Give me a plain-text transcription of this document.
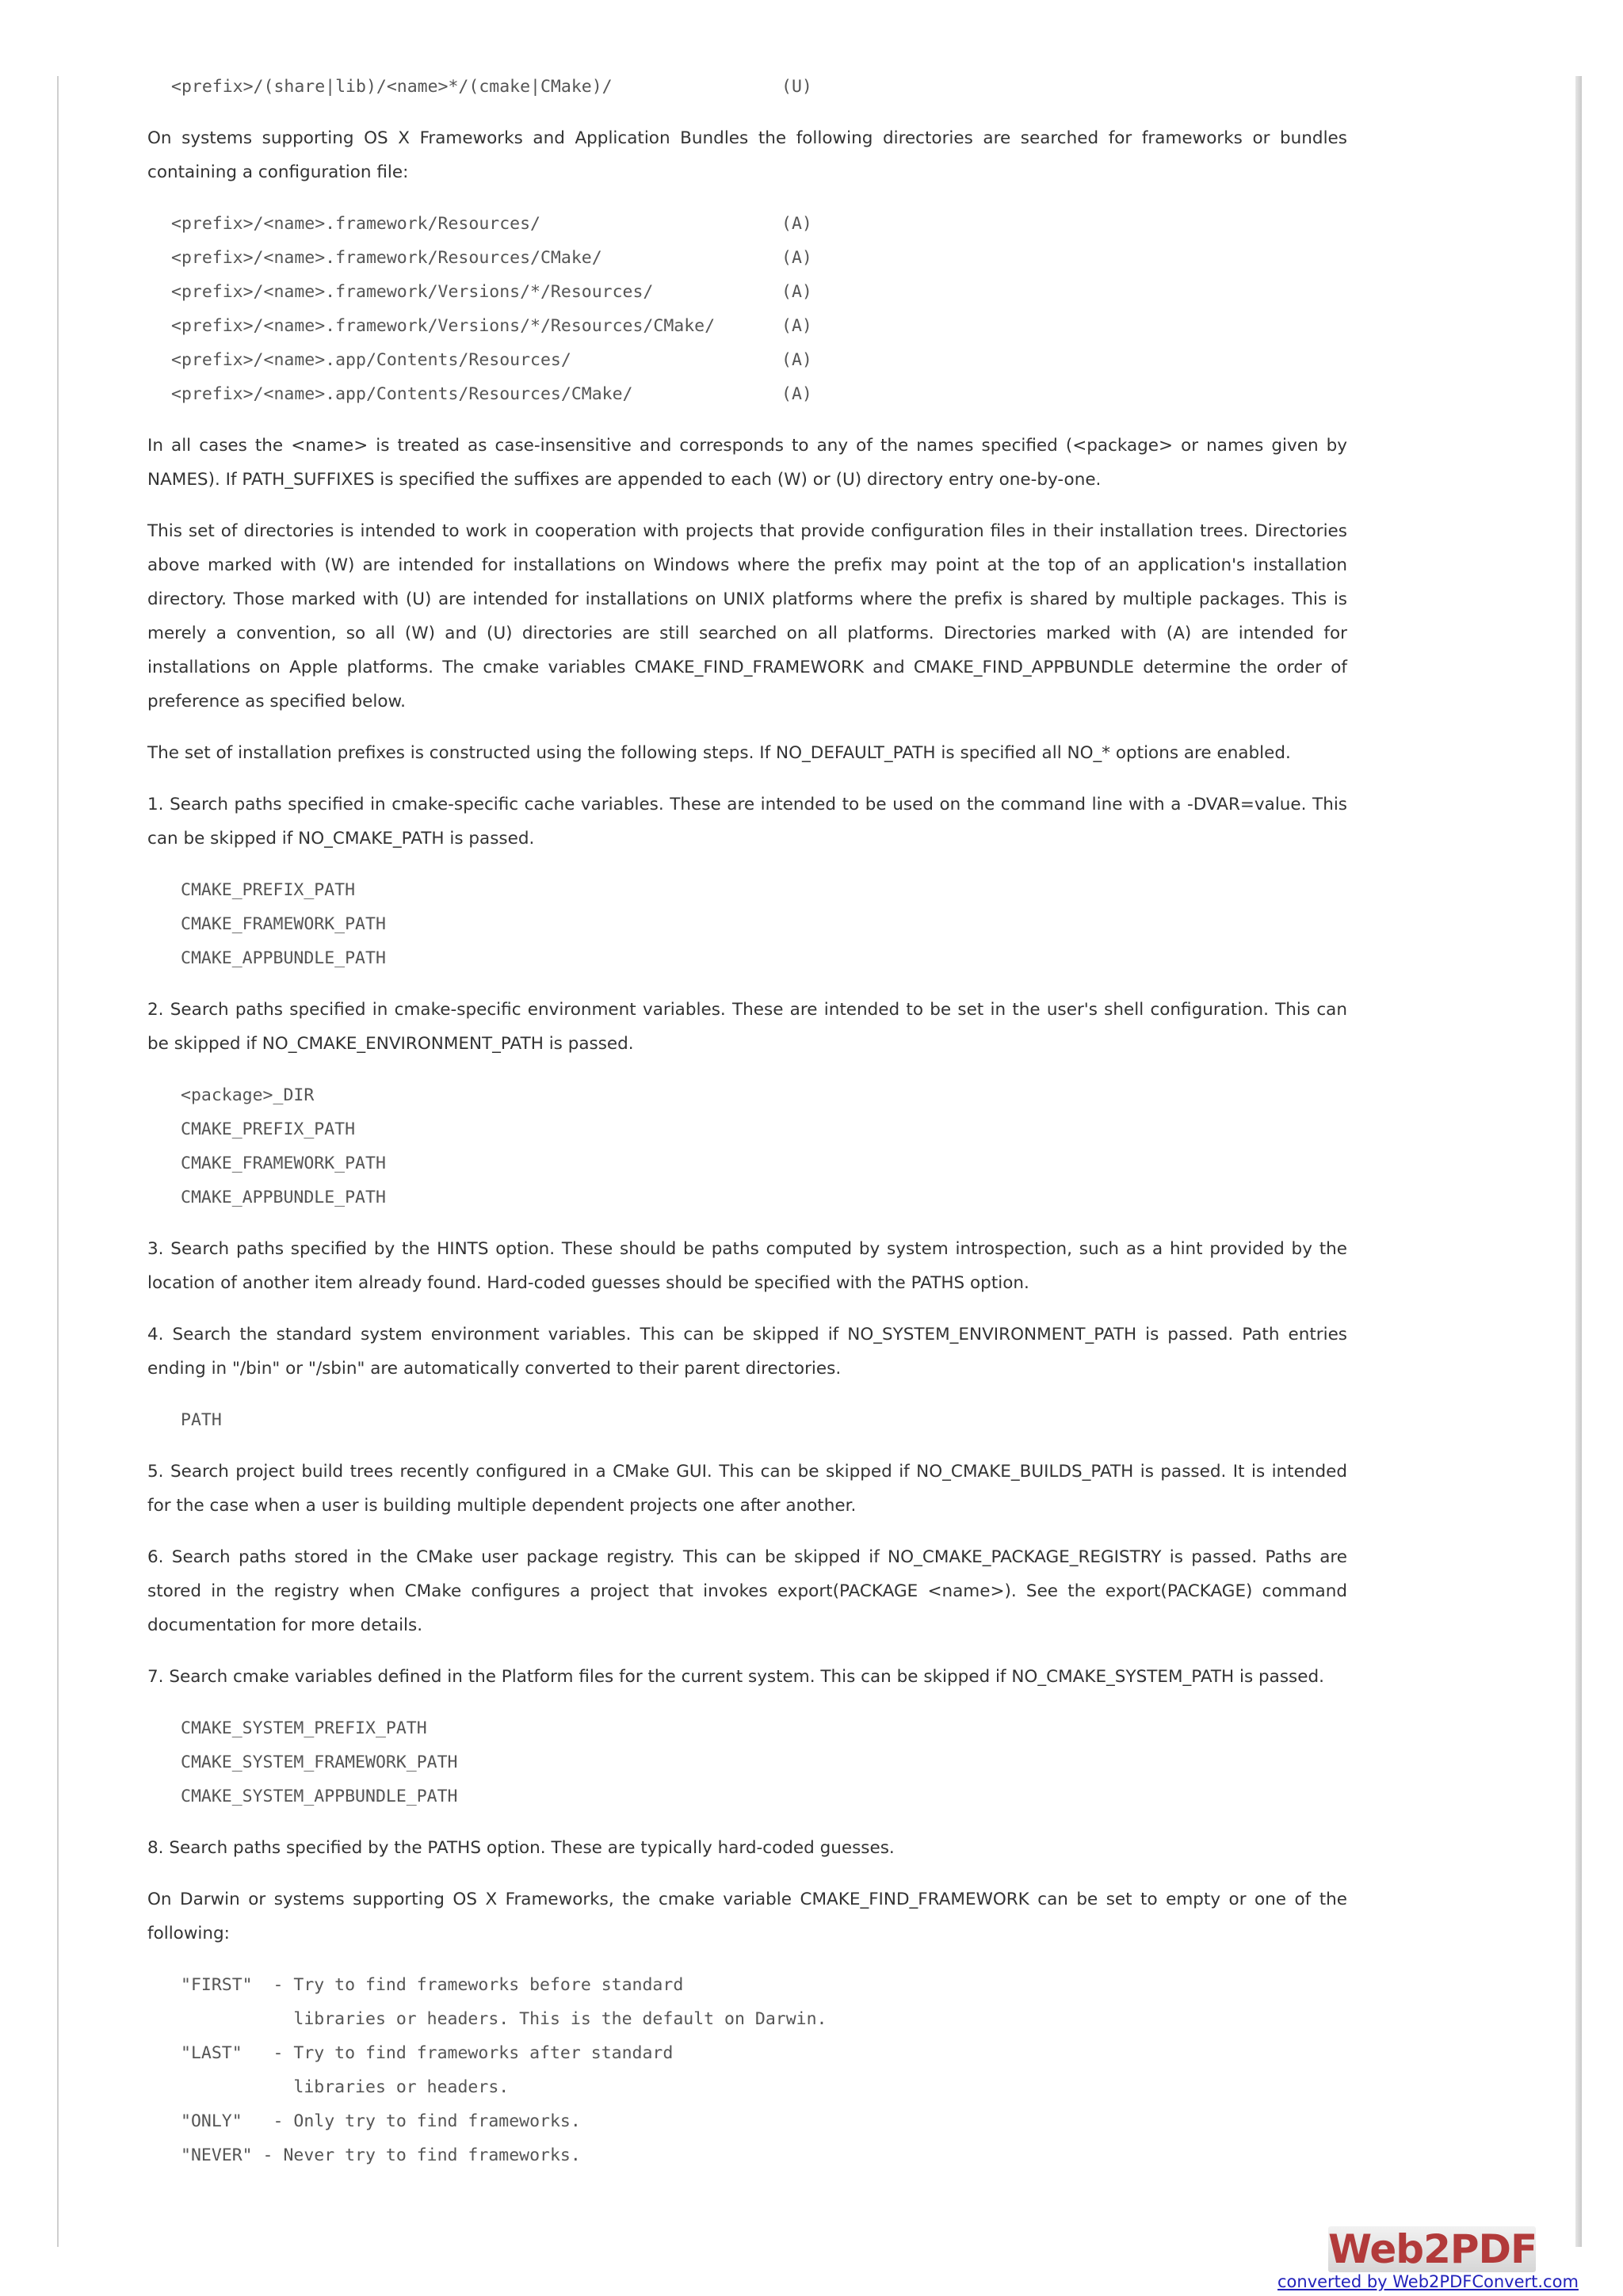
<prefix>/(share|lib)/<name>*/(cmake|CMake)/	(U)

On systems supporting OS X Frameworks and Application Bundles the following directories are searched for frameworks or bundles containing a configuration file:

<prefix>/<name>.framework/Resources/	(A)
<prefix>/<name>.framework/Resources/CMake/	(A)
<prefix>/<name>.framework/Versions/*/Resources/	(A)
<prefix>/<name>.framework/Versions/*/Resources/CMake/	(A)
<prefix>/<name>.app/Contents/Resources/	(A)
<prefix>/<name>.app/Contents/Resources/CMake/	(A)

In all cases the <name> is treated as case-insensitive and corresponds to any of the names specified (<package> or names given by NAMES). If PATH_SUFFIXES is specified the suffixes are appended to each (W) or (U) directory entry one-by-one.

This set of directories is intended to work in cooperation with projects that provide configuration files in their installation trees. Directories above marked with (W) are intended for installations on Windows where the prefix may point at the top of an application's installation directory. Those marked with (U) are intended for installations on UNIX platforms where the prefix is shared by multiple packages. This is merely a convention, so all (W) and (U) directories are still searched on all platforms. Directories marked with (A) are intended for installations on Apple platforms. The cmake variables CMAKE_FIND_FRAMEWORK and CMAKE_FIND_APPBUNDLE determine the order of preference as specified below.

The set of installation prefixes is constructed using the following steps. If NO_DEFAULT_PATH is specified all NO_* options are enabled.

1. Search paths specified in cmake-specific cache variables. These are intended to be used on the command line with a -DVAR=value. This can be skipped if NO_CMAKE_PATH is passed.

CMAKE_PREFIX_PATH
CMAKE_FRAMEWORK_PATH
CMAKE_APPBUNDLE_PATH

2. Search paths specified in cmake-specific environment variables. These are intended to be set in the user's shell configuration. This can be skipped if NO_CMAKE_ENVIRONMENT_PATH is passed.

<package>_DIR
CMAKE_PREFIX_PATH
CMAKE_FRAMEWORK_PATH
CMAKE_APPBUNDLE_PATH

3. Search paths specified by the HINTS option. These should be paths computed by system introspection, such as a hint provided by the location of another item already found. Hard-coded guesses should be specified with the PATHS option.

4. Search the standard system environment variables. This can be skipped if NO_SYSTEM_ENVIRONMENT_PATH is passed. Path entries ending in "/bin" or "/sbin" are automatically converted to their parent directories.

PATH

5. Search project build trees recently configured in a CMake GUI. This can be skipped if NO_CMAKE_BUILDS_PATH is passed. It is intended for the case when a user is building multiple dependent projects one after another.

6. Search paths stored in the CMake user package registry. This can be skipped if NO_CMAKE_PACKAGE_REGISTRY is passed. Paths are stored in the registry when CMake configures a project that invokes export(PACKAGE <name>). See the export(PACKAGE) command documentation for more details.

7. Search cmake variables defined in the Platform files for the current system. This can be skipped if NO_CMAKE_SYSTEM_PATH is passed.

CMAKE_SYSTEM_PREFIX_PATH
CMAKE_SYSTEM_FRAMEWORK_PATH
CMAKE_SYSTEM_APPBUNDLE_PATH

8. Search paths specified by the PATHS option. These are typically hard-coded guesses.

On Darwin or systems supporting OS X Frameworks, the cmake variable CMAKE_FIND_FRAMEWORK can be set to empty or one of the following:

"FIRST"  - Try to find frameworks before standard
libraries or headers. This is the default on Darwin.
"LAST"   - Try to find frameworks after standard
libraries or headers.
"ONLY"   - Only try to find frameworks.
"NEVER" - Never try to find frameworks.
Web2PDF
converted by Web2PDFConvert.com
